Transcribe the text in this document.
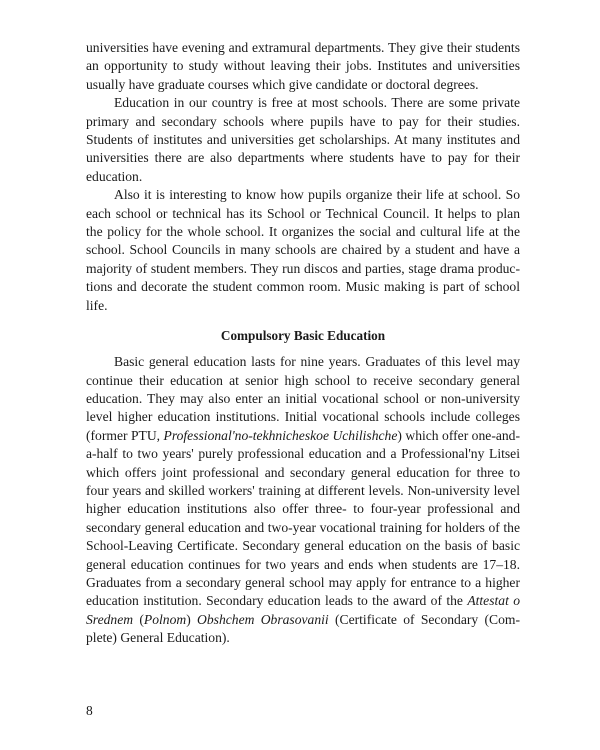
universities have evening and extramural departments. They give their students an opportunity to study without leaving their jobs. Institutes and universities usually have graduate courses which give candidate or doctoral degrees.

Education in our country is free at most schools. There are some private primary and secondary schools where pupils have to pay for their studies. Students of institutes and universities get scholarships. At many institutes and universities there are also departments where students have to pay for their education.

Also it is interesting to know how pupils organize their life at school. So each school or technical has its School or Technical Council. It helps to plan the policy for the whole school. It organizes the social and cultural life at the school. School Councils in many schools are chaired by a student and have a majority of student members. They run discos and parties, stage drama productions and decorate the student common room. Music making is part of school life.

Compulsory Basic Education

Basic general education lasts for nine years. Graduates of this level may continue their education at senior high school to receive secondary general education. They may also enter an initial vocational school or non-university level higher education institutions. Initial vocational schools include colleges (former PTU, Professional'no-tekhnicheskoe Uchilishche) which offer one-and-a-half to two years' purely professional education and a Professional'ny Litsei which offers joint professional and secondary general education for three to four years and skilled workers' training at different levels. Non-university level higher education institutions also offer three- to four-year professional and secondary general education and two-year vocational training for holders of the School-Leaving Certificate. Secondary general education on the basis of basic general education continues for two years and ends when students are 17–18. Graduates from a secondary general school may apply for entrance to a higher education institution. Secondary education leads to the award of the Attestat o Srednem (Polnom) Obshchem Obrasovanii (Certificate of Secondary (Complete) General Education).

8
